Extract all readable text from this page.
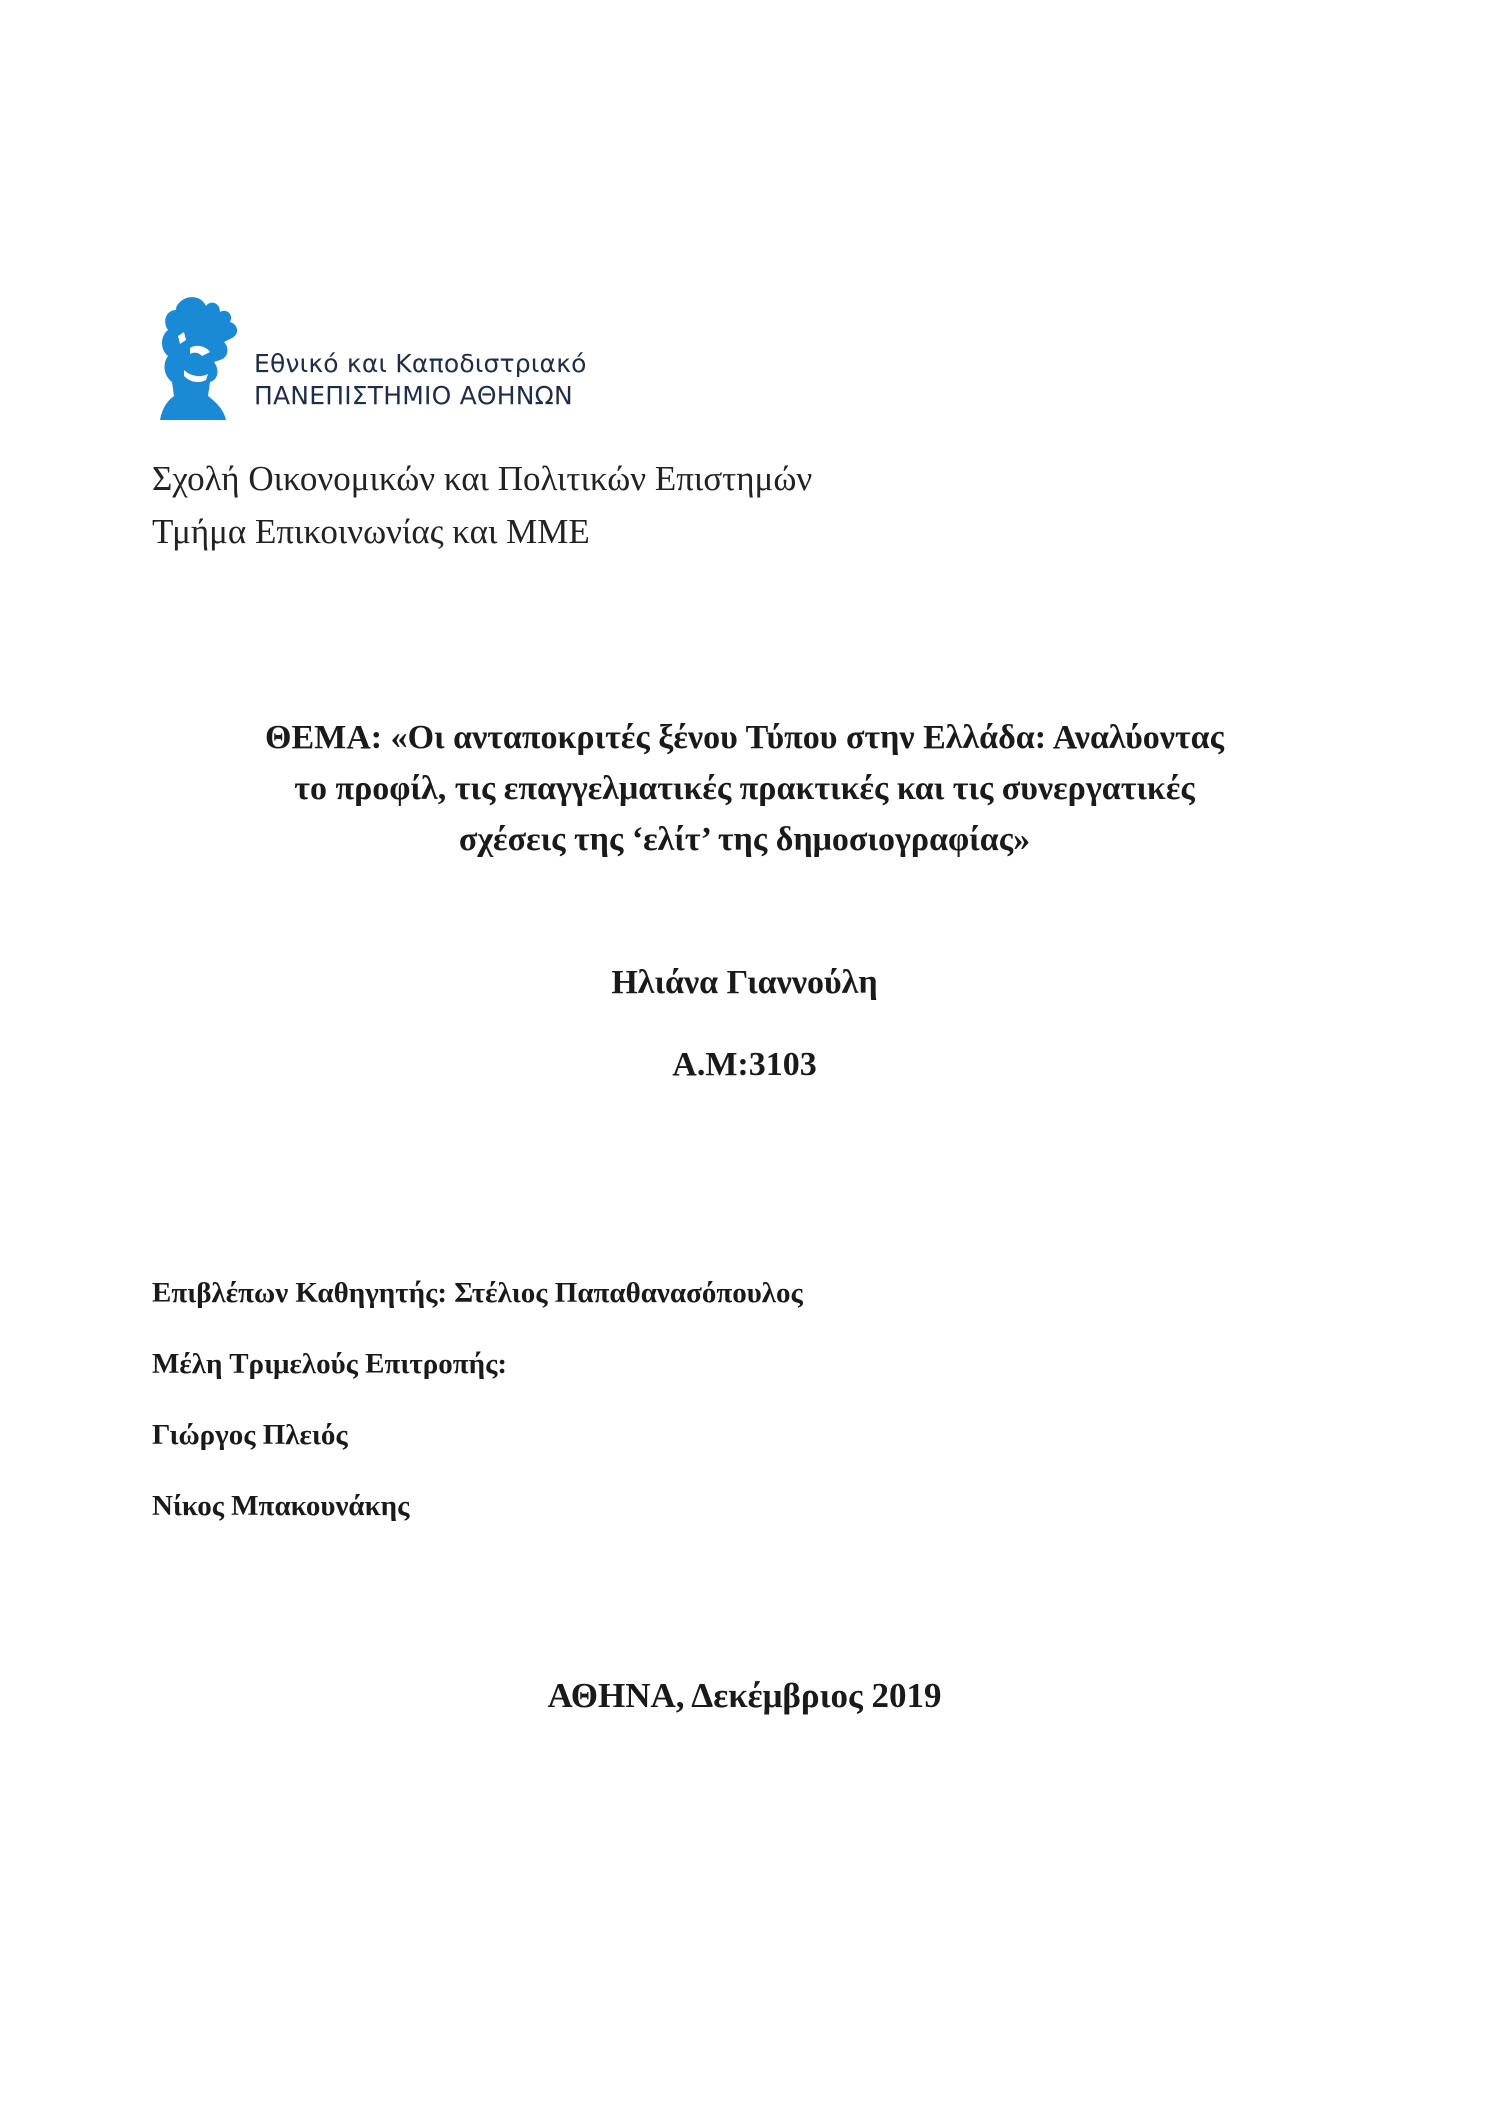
Εθνικό και Καποδιστριακό
ΠΑΝΕΠΙΣΤΗΜΙΟ ΑΘΗΝΩΝ
Σχολή Οικονομικών και Πολιτικών Επιστημών
Τμήμα Επικοινωνίας και ΜΜΕ
ΘΕΜΑ: «Οι ανταποκριτές ξένου Τύπου στην Ελλάδα: Αναλύοντας
το προφίλ, τις επαγγελματικές πρακτικές και τις συνεργατικές
σχέσεις της ‘ελίτ’ της δημοσιογραφίας»
Ηλιάνα Γιαννούλη
Α.Μ:3103
Επιβλέπων Καθηγητής: Στέλιος Παπαθανασόπουλος
Μέλη Τριμελούς Επιτροπής:
Γιώργος Πλειός
Νίκος Μπακουνάκης
ΑΘΗΝΑ, Δεκέμβριος 2019
